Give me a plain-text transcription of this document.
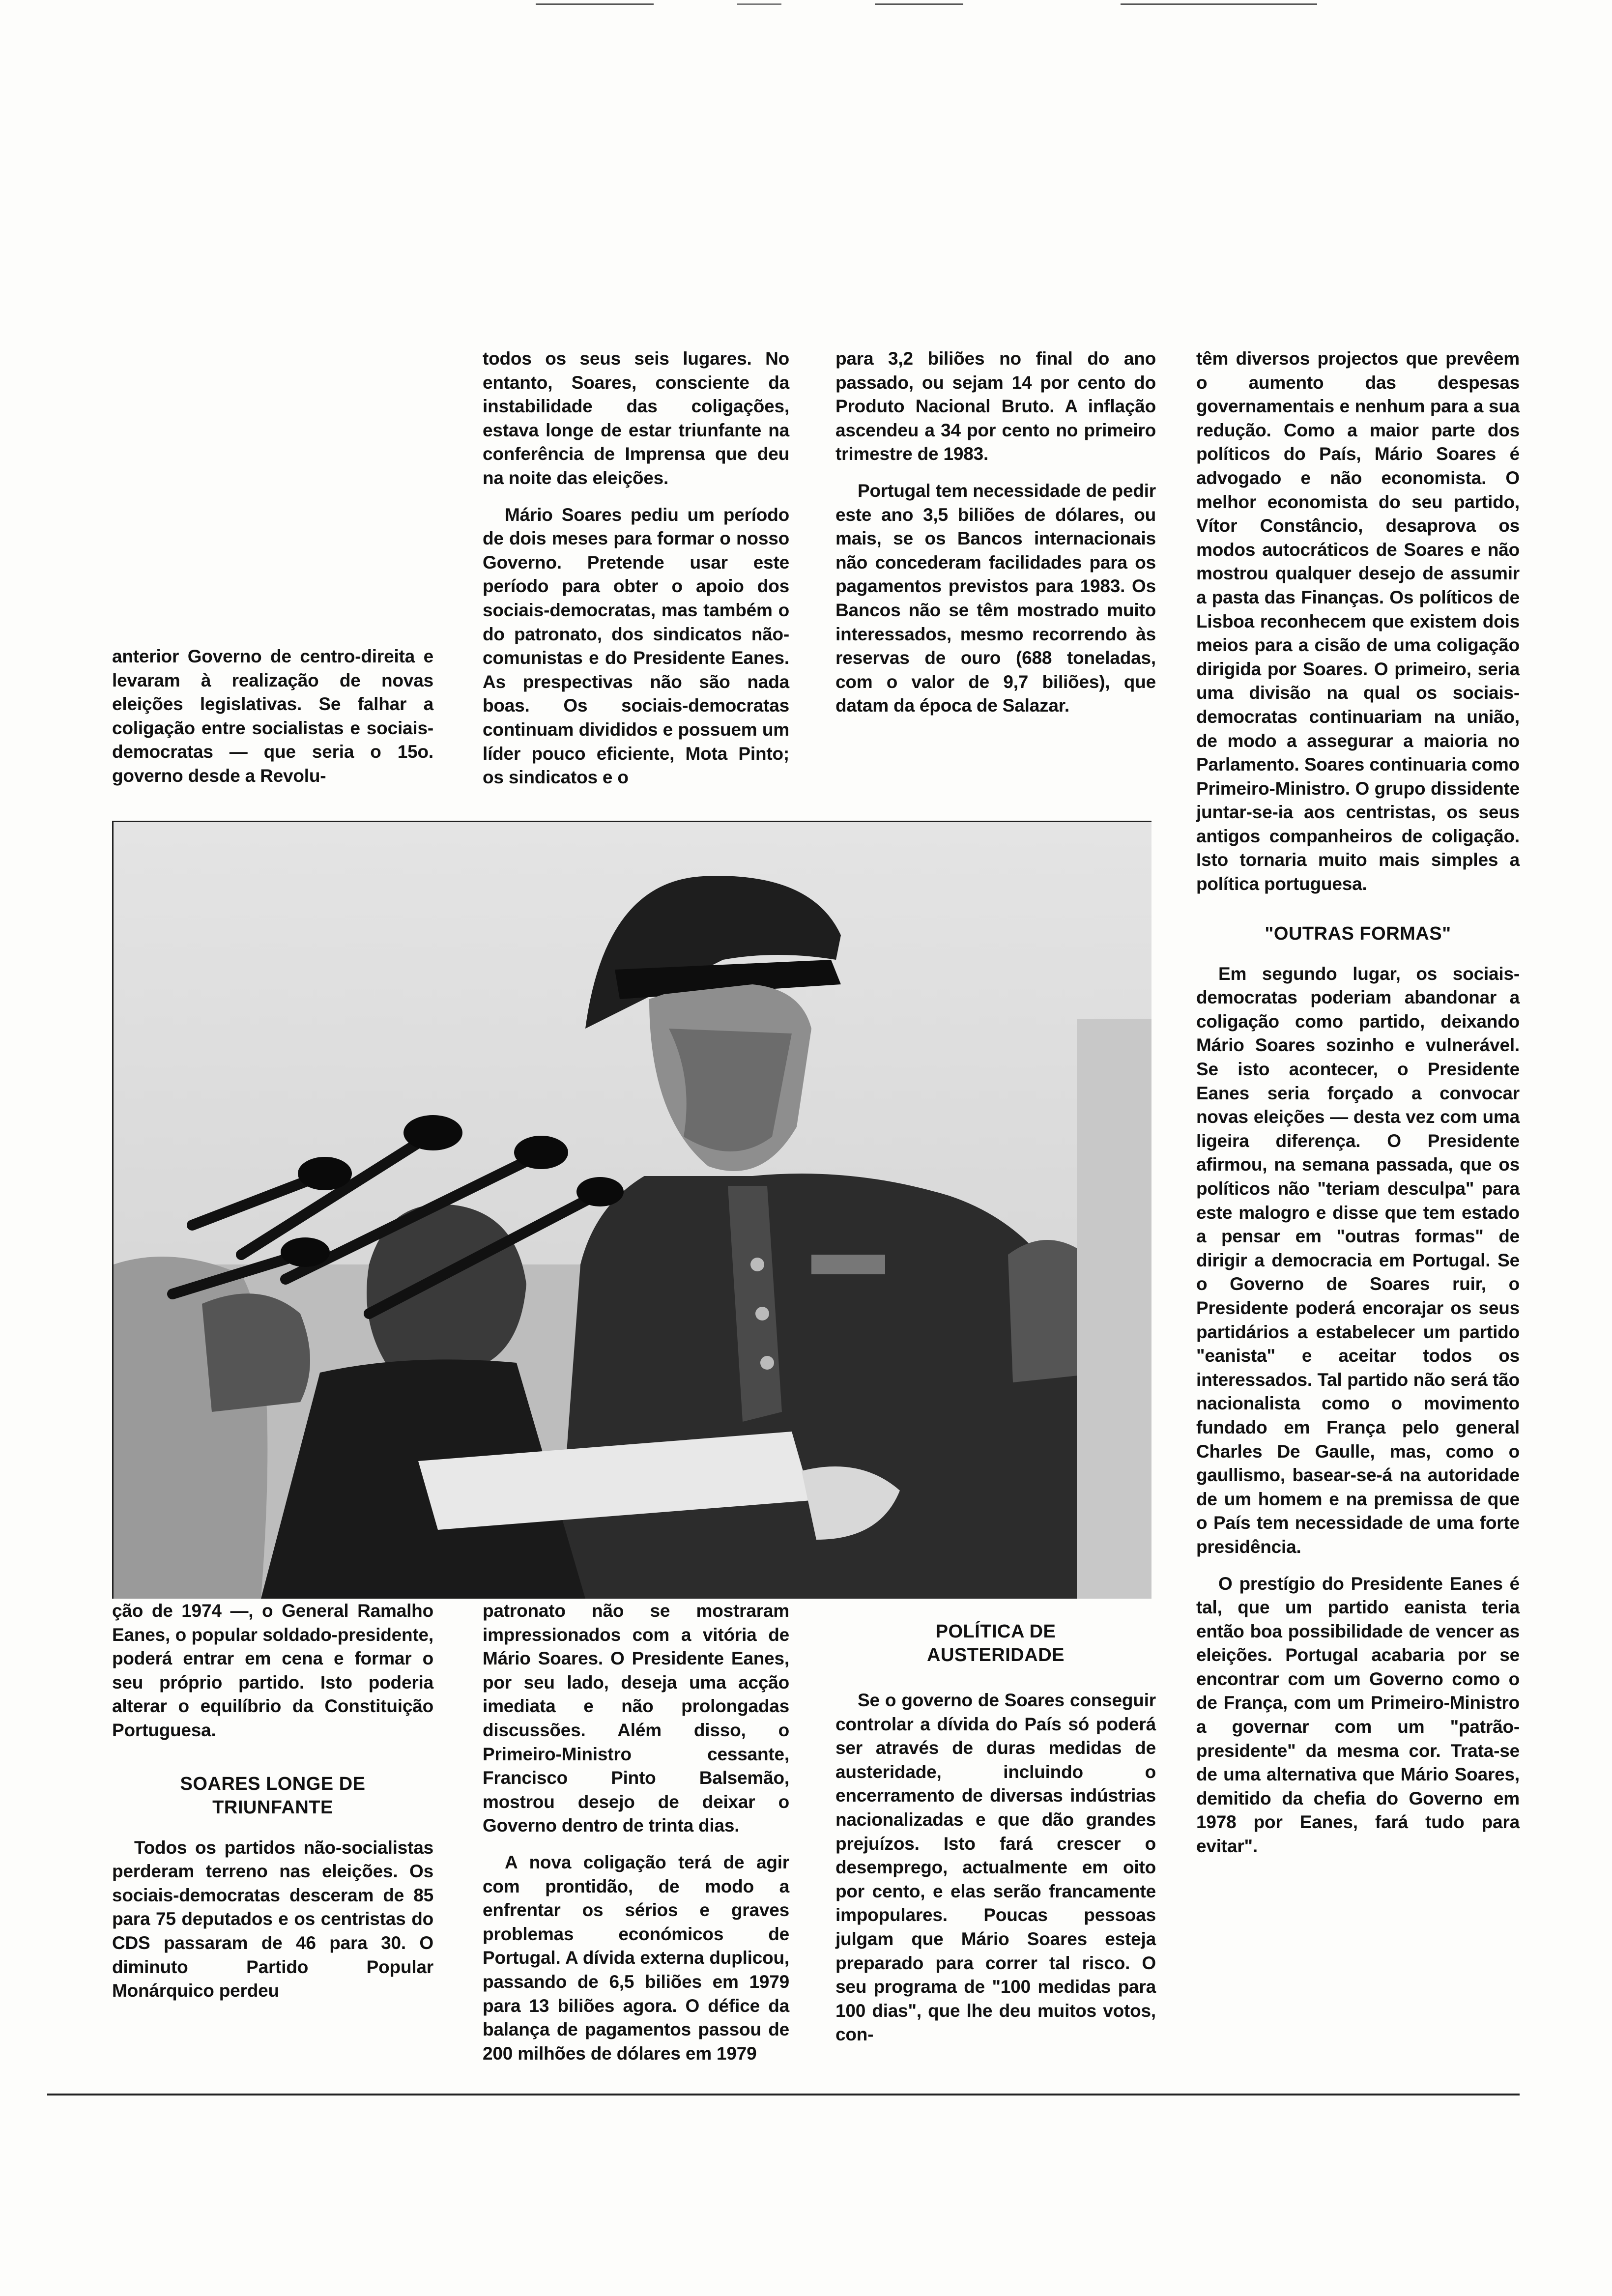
anterior Governo de centro-direita e levaram à realização de novas eleições legislativas. Se falhar a coligação entre socialistas e sociais-democratas — que seria o 15o. governo desde a Revolu-

todos os seus seis lugares. No entanto, Soares, consciente da instabilidade das coligações, estava longe de estar triunfante na conferência de Imprensa que deu na noite das eleições.

Mário Soares pediu um período de dois meses para formar o nosso Governo. Pretende usar este período para obter o apoio dos sociais-democratas, mas também o do patronato, dos sindicatos não-comunistas e do Presidente Eanes. As prespectivas não são nada boas. Os sociais-democratas continuam divididos e possuem um líder pouco eficiente, Mota Pinto; os sindicatos e o

para 3,2 biliões no final do ano passado, ou sejam 14 por cento do Produto Nacional Bruto. A inflação ascendeu a 34 por cento no primeiro trimestre de 1983.

Portugal tem necessidade de pedir este ano 3,5 biliões de dólares, ou mais, se os Bancos internacionais não concederam facilidades para os pagamentos previstos para 1983. Os Bancos não se têm mostrado muito interessados, mesmo recorrendo às reservas de ouro (688 toneladas, com o valor de 9,7 biliões), que datam da época de Salazar.

têm diversos projectos que prevêem o aumento das despesas governamentais e nenhum para a sua redução. Como a maior parte dos políticos do País, Mário Soares é advogado e não economista. O melhor economista do seu partido, Vítor Constâncio, desaprova os modos autocráticos de Soares e não mostrou qualquer desejo de assumir a pasta das Finanças. Os políticos de Lisboa reconhecem que existem dois meios para a cisão de uma coligação dirigida por Soares. O primeiro, seria uma divisão na qual os sociais-democratas continuariam na união, de modo a assegurar a maioria no Parlamento. Soares continuaria como Primeiro-Ministro. O grupo dissidente juntar-se-ia aos centristas, os seus antigos companheiros de coligação. Isto tornaria muito mais simples a política portuguesa.

"OUTRAS FORMAS"

Em segundo lugar, os sociais-democratas poderiam abandonar a coligação como partido, deixando Mário Soares sozinho e vulnerável. Se isto acontecer, o Presidente Eanes seria forçado a convocar novas eleições — desta vez com uma ligeira diferença. O Presidente afirmou, na semana passada, que os políticos não "teriam desculpa" para este malogro e disse que tem estado a pensar em "outras formas" de dirigir a democracia em Portugal. Se o Governo de Soares ruir, o Presidente poderá encorajar os seus partidários a estabelecer um partido "eanista" e aceitar todos os interessados. Tal partido não será tão nacionalista como o movimento fundado em França pelo general Charles De Gaulle, mas, como o gaullismo, basear-se-á na autoridade de um homem e na premissa de que o País tem necessidade de uma forte presidência.

O prestígio do Presidente Eanes é tal, que um partido eanista teria então boa possibilidade de vencer as eleições. Portugal acabaria por se encontrar com um Governo como o de França, com um Primeiro-Ministro a governar com um "patrão-presidente" da mesma cor. Trata-se de uma alternativa que Mário Soares, demitido da chefia do Governo em 1978 por Eanes, fará tudo para evitar".

ção de 1974 —, o General Ramalho Eanes, o popular soldado-presidente, poderá entrar em cena e formar o seu próprio partido. Isto poderia alterar o equilíbrio da Constituição Portuguesa.

SOARES LONGE DE TRIUNFANTE

Todos os partidos não-socialistas perderam terreno nas eleições. Os sociais-democratas desceram de 85 para 75 deputados e os centristas do CDS passaram de 46 para 30. O diminuto Partido Popular Monárquico perdeu

patronato não se mostraram impressionados com a vitória de Mário Soares. O Presidente Eanes, por seu lado, deseja uma acção imediata e não prolongadas discussões. Além disso, o Primeiro-Ministro cessante, Francisco Pinto Balsemão, mostrou desejo de deixar o Governo dentro de trinta dias.

A nova coligação terá de agir com prontidão, de modo a enfrentar os sérios e graves problemas económicos de Portugal. A dívida externa duplicou, passando de 6,5 biliões em 1979 para 13 biliões agora. O défice da balança de pagamentos passou de 200 milhões de dólares em 1979

POLÍTICA DE AUSTERIDADE

Se o governo de Soares conseguir controlar a dívida do País só poderá ser através de duras medidas de austeridade, incluindo o encerramento de diversas indústrias nacionalizadas e que dão grandes prejuízos. Isto fará crescer o desemprego, actualmente em oito por cento, e elas serão francamente impopulares. Poucas pessoas julgam que Mário Soares esteja preparado para correr tal risco. O seu programa de "100 medidas para 100 dias", que lhe deu muitos votos, con-
